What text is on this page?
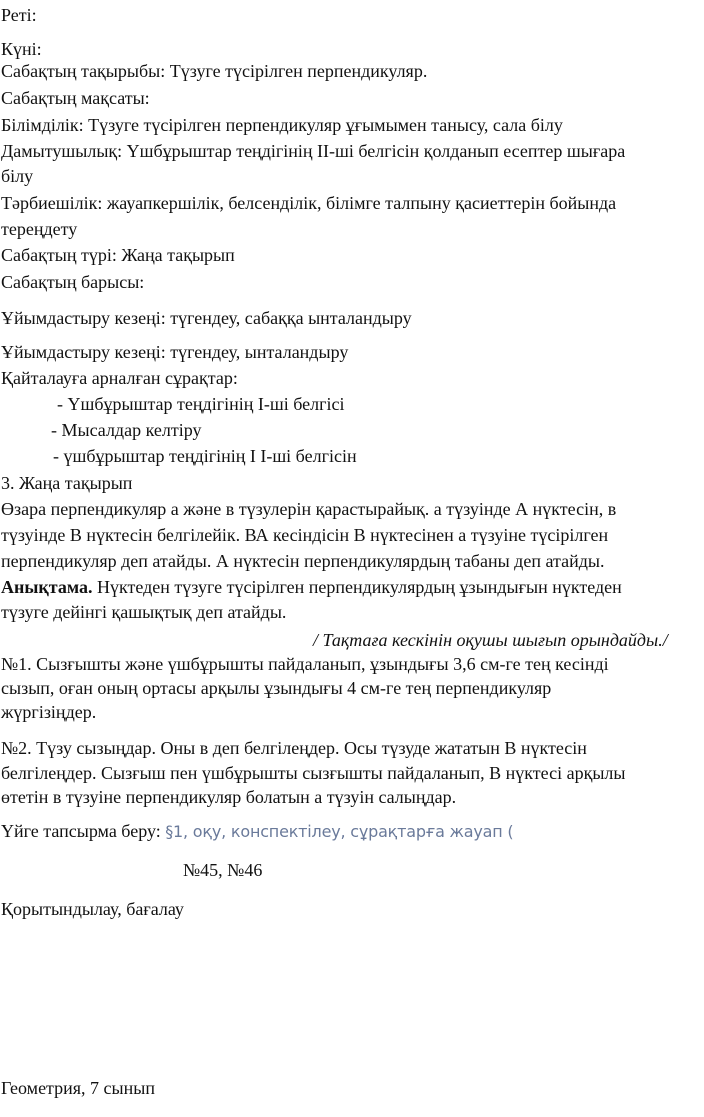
Реті:
Күні:
Сабақтың тақырыбы: Түзуге түсірілген перпендикуляр.
Сабақтың мақсаты:
Білімділік: Түзуге түсірілген перпендикуляр ұғымымен танысу, сала білу
Дамытушылық: Үшбұрыштар теңдігінің ІІ-ші белгісін қолданып есептер шығара
білу
Тәрбиешілік: жауапкершілік, белсенділік, білімге талпыну қасиеттерін бойында
тереңдету
Сабақтың түрі: Жаңа тақырып
Сабақтың барысы:
Ұйымдастыру кезеңі: түгендеу, сабаққа ынталандыру
Ұйымдастыру кезеңі: түгендеу, ынталандыру
Қайталауға арналған сұрақтар:
- Үшбұрыштар теңдігінің І-ші белгісі
- Мысалдар келтіру
- үшбұрыштар теңдігінің І І-ші белгісін
3. Жаңа тақырып
Өзара перпендикуляр а және в түзулерін қарастырайық. а түзуінде А нүктесін, в
түзуінде В нүктесін белгілейік. ВА кесіндісін В нүктесінен а түзуіне түсірілген
перпендикуляр деп атайды. А нүктесін перпендикулярдың табаны деп атайды.
Анықтама. Нүктеден түзуге түсірілген перпендикулярдың ұзындығын нүктеден
түзуге дейінгі қашықтық деп атайды.
/ Тақтаға кескінін оқушы шығып орындайды./
№1. Сызғышты және үшбұрышты пайдаланып, ұзындығы 3,6 см-ге тең кесінді
сызып, оған оның ортасы арқылы ұзындығы 4 см-ге тең перпендикуляр
жүргізіңдер.
№2. Түзу сызыңдар. Оны в деп белгілеңдер. Осы түзуде жататын В нүктесін
белгілеңдер. Сызғыш пен үшбұрышты сызғышты пайдаланып, В нүктесі арқылы
өтетін в түзуіне перпендикуляр болатын а түзуін салыңдар.
Үйге тапсырма беру: §1, оқу, конспектілеу, сұрақтарға жауап (
№45, №46
Қорытындылау, бағалау
Геометрия, 7 сынып
